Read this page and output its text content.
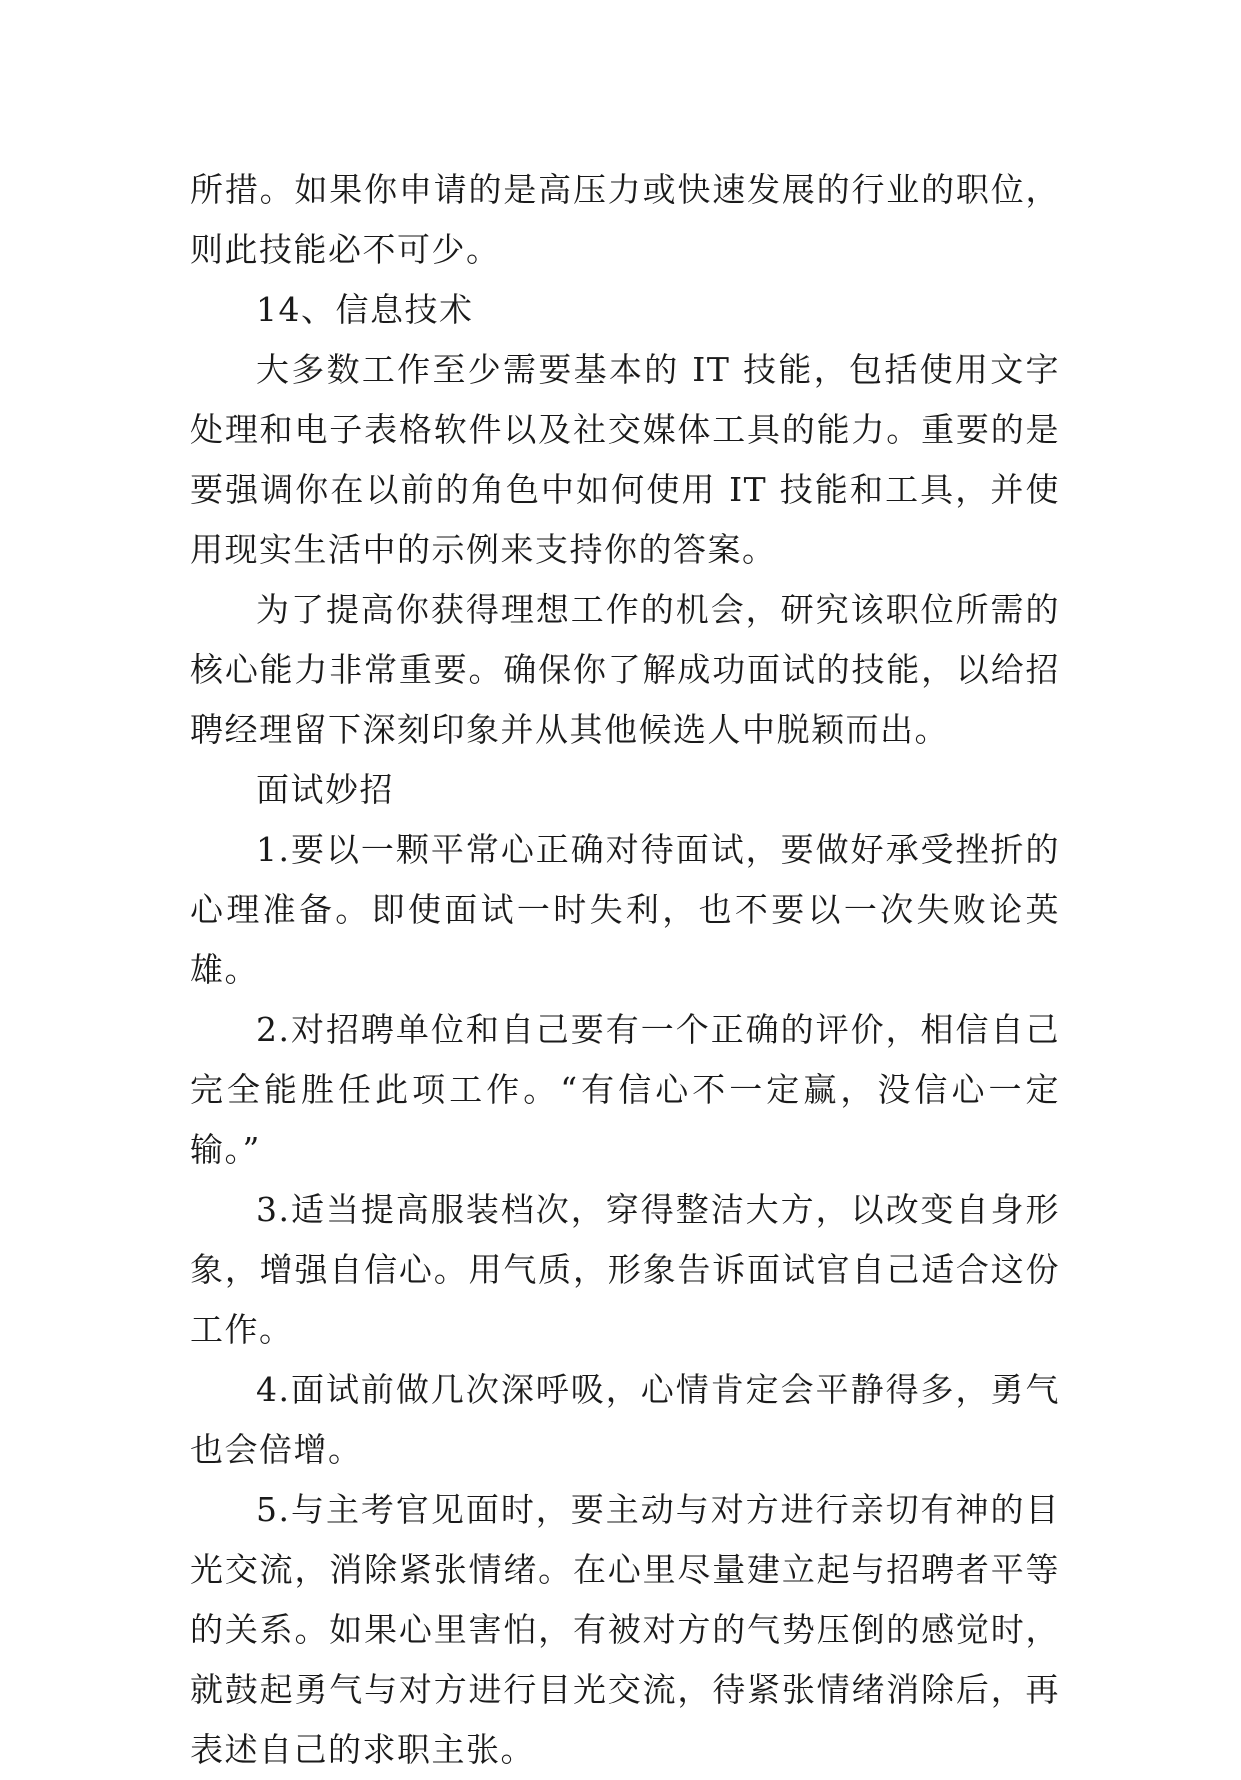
所措。如果你申请的是高压力或快速发展的行业的职位，则此技能必不可少。

14、信息技术

大多数工作至少需要基本的 IT 技能，包括使用文字处理和电子表格软件以及社交媒体工具的能力。重要的是要强调你在以前的角色中如何使用 IT 技能和工具，并使用现实生活中的示例来支持你的答案。

为了提高你获得理想工作的机会，研究该职位所需的核心能力非常重要。确保你了解成功面试的技能，以给招聘经理留下深刻印象并从其他候选人中脱颖而出。

面试妙招

1.要以一颗平常心正确对待面试，要做好承受挫折的心理准备。即使面试一时失利，也不要以一次失败论英雄。

2.对招聘单位和自己要有一个正确的评价，相信自己完全能胜任此项工作。“有信心不一定赢，没信心一定输。”

3.适当提高服装档次，穿得整洁大方，以改变自身形象，增强自信心。用气质，形象告诉面试官自己适合这份工作。

4.面试前做几次深呼吸，心情肯定会平静得多，勇气也会倍增。

5.与主考官见面时，要主动与对方进行亲切有神的目光交流，消除紧张情绪。在心里尽量建立起与招聘者平等的关系。如果心里害怕，有被对方的气势压倒的感觉时，就鼓起勇气与对方进行目光交流，待紧张情绪消除后，再表述自己的求职主张。
